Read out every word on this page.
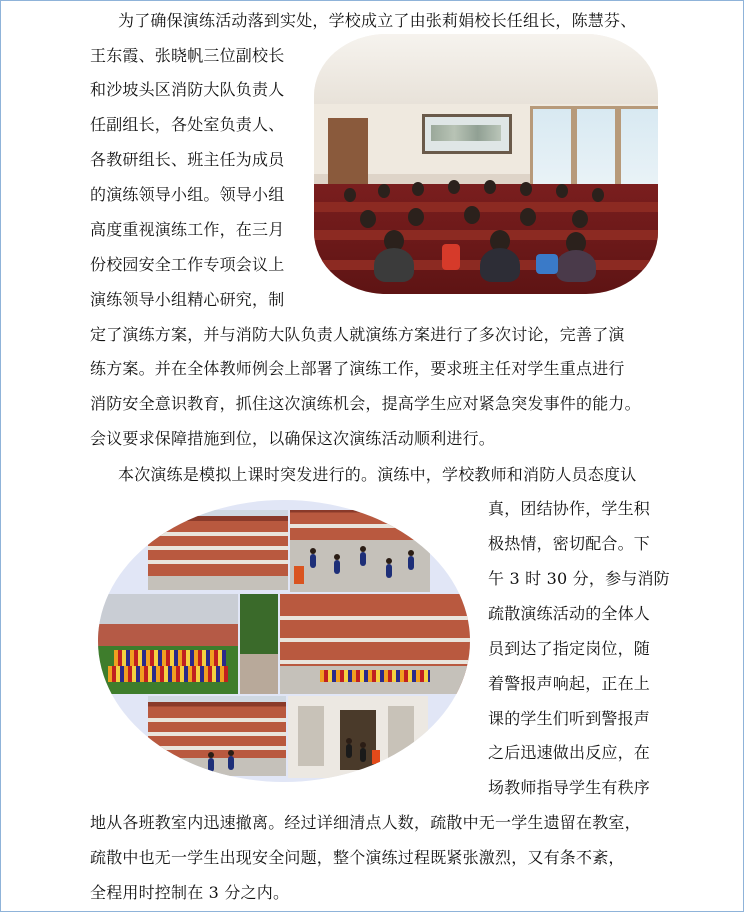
为了确保演练活动落到实处，学校成立了由张莉娟校长任组长，陈慧芬、
王东霞、张晓帆三位副校长
和沙坡头区消防大队负责人
任副组长，各处室负责人、
各教研组长、班主任为成员
的演练领导小组。领导小组
高度重视演练工作，在三月
份校园安全工作专项会议上
演练领导小组精心研究，制
定了演练方案，并与消防大队负责人就演练方案进行了多次讨论，完善了演
练方案。并在全体教师例会上部署了演练工作，要求班主任对学生重点进行
消防安全意识教育，抓住这次演练机会，提高学生应对紧急突发事件的能力。
会议要求保障措施到位，以确保这次演练活动顺利进行。
本次演练是模拟上课时突发进行的。演练中，学校教师和消防人员态度认
真，团结协作，学生积
极热情，密切配合。下
午 3 时 30 分，参与消防
疏散演练活动的全体人
员到达了指定岗位，随
着警报声响起，正在上
课的学生们听到警报声
之后迅速做出反应，在
场教师指导学生有秩序
地从各班教室内迅速撤离。经过详细清点人数，疏散中无一学生遗留在教室，
疏散中也无一学生出现安全问题，整个演练过程既紧张激烈，又有条不紊，
全程用时控制在 3 分之内。
